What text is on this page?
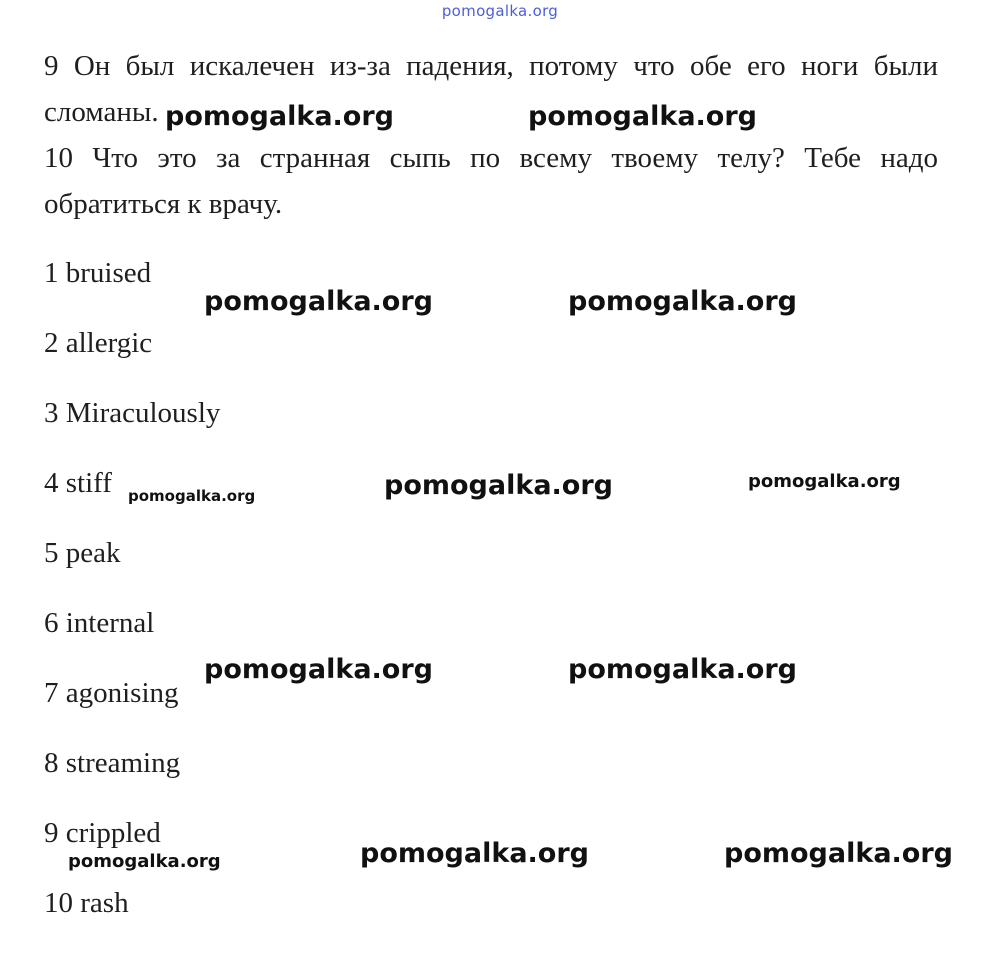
pomogalka.org
9 Он был искалечен из-за падения, потому что обе его ноги были сломаны.
10 Что это за странная сыпь по всему твоему телу? Тебе надо обратиться к врачу.
1 bruised
2 allergic
3 Miraculously
4 stiff
5 peak
6 internal
7 agonising
8 streaming
9 crippled
10 rash
pomogalka.org	pomogalka.org
pomogalka.org	pomogalka.org
pomogalka.org	pomogalka.org	pomogalka.org
pomogalka.org	pomogalka.org
pomogalka.org	pomogalka.org	pomogalka.org
